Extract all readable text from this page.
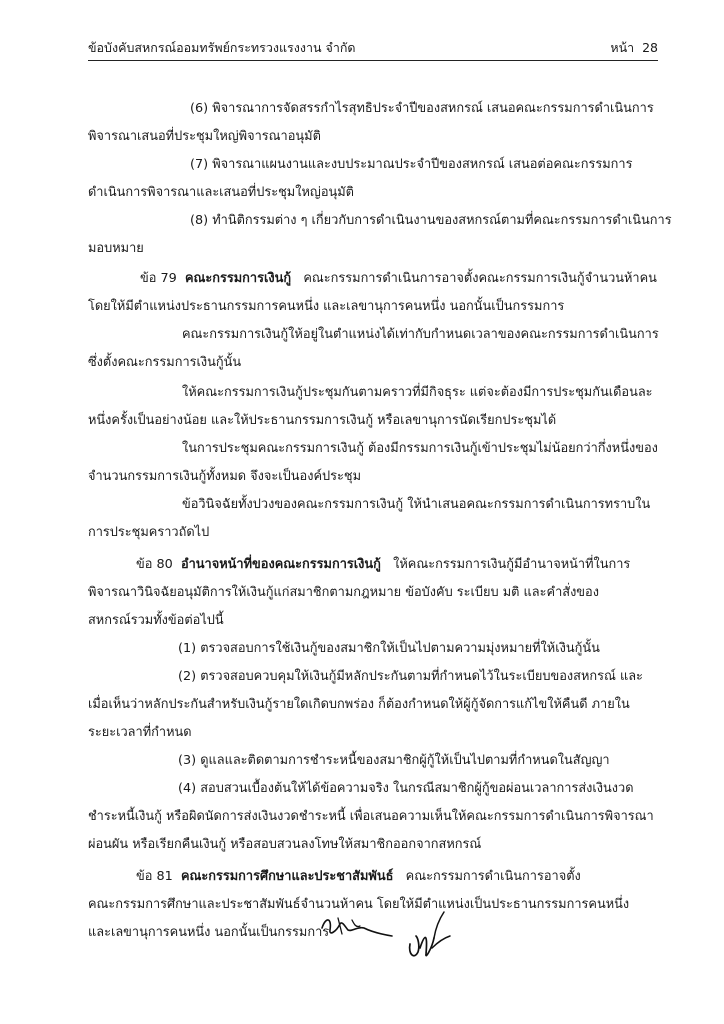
ข้อบังคับสหกรณ์ออมทรัพย์กระทรวงแรงงาน จำกัด	หน้า 28
(6) พิจารณาการจัดสรรกำไรสุทธิประจำปีของสหกรณ์ เสนอคณะกรรมการดำเนินการ
พิจารณาเสนอที่ประชุมใหญ่พิจารณาอนุมัติ
(7) พิจารณาแผนงานและงบประมาณประจำปีของสหกรณ์ เสนอต่อคณะกรรมการ
ดำเนินการพิจารณาและเสนอที่ประชุมใหญ่อนุมัติ
(8) ทำนิติกรรมต่าง ๆ เกี่ยวกับการดำเนินงานของสหกรณ์ตามที่คณะกรรมการดำเนินการ
มอบหมาย
ข้อ 79 คณะกรรมการเงินกู้ คณะกรรมการดำเนินการอาจตั้งคณะกรรมการเงินกู้จำนวนห้าคน
โดยให้มีตำแหน่งประธานกรรมการคนหนึ่ง และเลขานุการคนหนึ่ง นอกนั้นเป็นกรรมการ
คณะกรรมการเงินกู้ให้อยู่ในตำแหน่งได้เท่ากับกำหนดเวลาของคณะกรรมการดำเนินการ
ซึ่งตั้งคณะกรรมการเงินกู้นั้น
ให้คณะกรรมการเงินกู้ประชุมกันตามคราวที่มีกิจธุระ แต่จะต้องมีการประชุมกันเดือนละ
หนึ่งครั้งเป็นอย่างน้อย และให้ประธานกรรมการเงินกู้ หรือเลขานุการนัดเรียกประชุมได้
ในการประชุมคณะกรรมการเงินกู้ ต้องมีกรรมการเงินกู้เข้าประชุมไม่น้อยกว่ากึ่งหนึ่งของ
จำนวนกรรมการเงินกู้ทั้งหมด จึงจะเป็นองค์ประชุม
ข้อวินิจฉัยทั้งปวงของคณะกรรมการเงินกู้ ให้นำเสนอคณะกรรมการดำเนินการทราบใน
การประชุมคราวถัดไป
ข้อ 80 อำนาจหน้าที่ของคณะกรรมการเงินกู้ ให้คณะกรรมการเงินกู้มีอำนาจหน้าที่ในการ
พิจารณาวินิจฉัยอนุมัติการให้เงินกู้แก่สมาชิกตามกฎหมาย ข้อบังคับ ระเบียบ มติ และคำสั่งของ
สหกรณ์รวมทั้งข้อต่อไปนี้
(1) ตรวจสอบการใช้เงินกู้ของสมาชิกให้เป็นไปตามความมุ่งหมายที่ให้เงินกู้นั้น
(2) ตรวจสอบควบคุมให้เงินกู้มีหลักประกันตามที่กำหนดไว้ในระเบียบของสหกรณ์ และ
เมื่อเห็นว่าหลักประกันสำหรับเงินกู้รายใดเกิดบกพร่อง ก็ต้องกำหนดให้ผู้กู้จัดการแก้ไขให้คืนดี ภายใน
ระยะเวลาที่กำหนด
(3) ดูแลและติดตามการชำระหนี้ของสมาชิกผู้กู้ให้เป็นไปตามที่กำหนดในสัญญา
(4) สอบสวนเบื้องต้นให้ได้ข้อความจริง ในกรณีสมาชิกผู้กู้ขอผ่อนเวลาการส่งเงินงวด
ชำระหนี้เงินกู้ หรือผิดนัดการส่งเงินงวดชำระหนี้ เพื่อเสนอความเห็นให้คณะกรรมการดำเนินการพิจารณา
ผ่อนผัน หรือเรียกคืนเงินกู้ หรือสอบสวนลงโทษให้สมาชิกออกจากสหกรณ์
ข้อ 81 คณะกรรมการศึกษาและประชาสัมพันธ์ คณะกรรมการดำเนินการอาจตั้ง
คณะกรรมการศึกษาและประชาสัมพันธ์จำนวนห้าคน โดยให้มีตำแหน่งเป็นประธานกรรมการคนหนึ่ง
และเลขานุการคนหนึ่ง นอกนั้นเป็นกรรมการ
